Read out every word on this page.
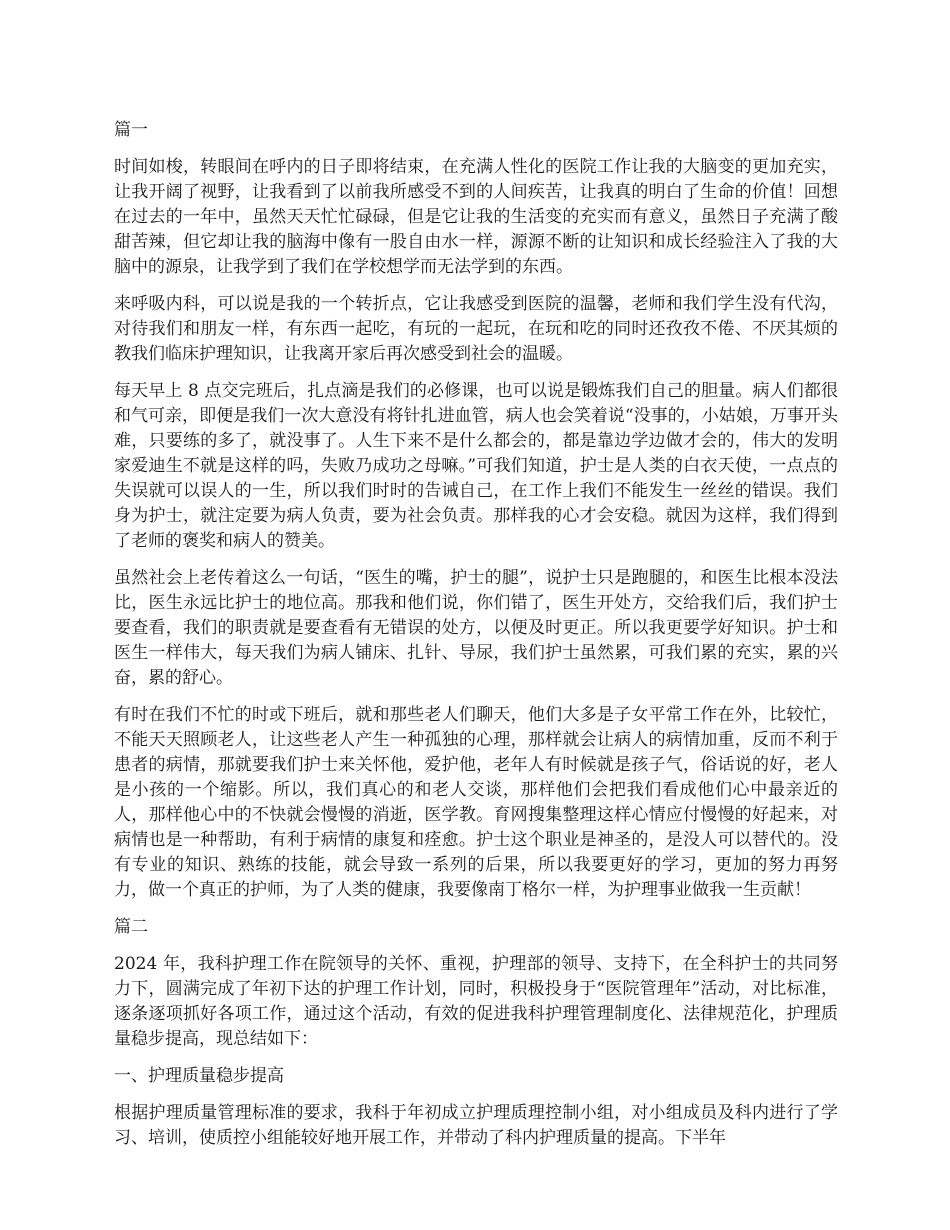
篇一

时间如梭，转眼间在呼内的日子即将结束，在充满人性化的医院工作让我的大脑变的更加充实，让我开阔了视野，让我看到了以前我所感受不到的人间疾苦，让我真的明白了生命的价值！回想在过去的一年中，虽然天天忙忙碌碌，但是它让我的生活变的充实而有意义，虽然日子充满了酸甜苦辣，但它却让我的脑海中像有一股自由水一样，源源不断的让知识和成长经验注入了我的大脑中的源泉，让我学到了我们在学校想学而无法学到的东西。

来呼吸内科，可以说是我的一个转折点，它让我感受到医院的温馨，老师和我们学生没有代沟，对待我们和朋友一样，有东西一起吃，有玩的一起玩，在玩和吃的同时还孜孜不倦、不厌其烦的教我们临床护理知识，让我离开家后再次感受到社会的温暖。

每天早上 8 点交完班后，扎点滴是我们的必修课，也可以说是锻炼我们自己的胆量。病人们都很和气可亲，即便是我们一次大意没有将针扎进血管，病人也会笑着说“没事的，小姑娘，万事开头难，只要练的多了，就没事了。人生下来不是什么都会的，都是靠边学边做才会的，伟大的发明家爱迪生不就是这样的吗，失败乃成功之母嘛。”可我们知道，护士是人类的白衣天使，一点点的失误就可以误人的一生，所以我们时时的告诫自己，在工作上我们不能发生一丝丝的错误。我们身为护士，就注定要为病人负责，要为社会负责。那样我的心才会安稳。就因为这样，我们得到了老师的褒奖和病人的赞美。

虽然社会上老传着这么一句话，“医生的嘴，护士的腿”，说护士只是跑腿的，和医生比根本没法比，医生永远比护士的地位高。那我和他们说，你们错了，医生开处方，交给我们后，我们护士要查看，我们的职责就是要查看有无错误的处方，以便及时更正。所以我更要学好知识。护士和医生一样伟大，每天我们为病人铺床、扎针、导尿，我们护士虽然累，可我们累的充实，累的兴奋，累的舒心。

有时在我们不忙的时或下班后，就和那些老人们聊天，他们大多是子女平常工作在外，比较忙，不能天天照顾老人，让这些老人产生一种孤独的心理，那样就会让病人的病情加重，反而不利于患者的病情，那就要我们护士来关怀他，爱护他，老年人有时候就是孩子气，俗话说的好，老人是小孩的一个缩影。所以，我们真心的和老人交谈，那样他们会把我们看成他们心中最亲近的人，那样他心中的不快就会慢慢的消逝，医学教。育网搜集整理这样心情应付慢慢的好起来，对病情也是一种帮助，有利于病情的康复和痊愈。护士这个职业是神圣的，是没人可以替代的。没有专业的知识、熟练的技能，就会导致一系列的后果，所以我要更好的学习，更加的努力再努力，做一个真正的护师，为了人类的健康，我要像南丁格尔一样，为护理事业做我一生贡献！

篇二

2024 年，我科护理工作在院领导的关怀、重视，护理部的领导、支持下，在全科护士的共同努力下，圆满完成了年初下达的护理工作计划，同时，积极投身于“医院管理年”活动，对比标准，逐条逐项抓好各项工作，通过这个活动，有效的促进我科护理管理制度化、法律规范化，护理质量稳步提高，现总结如下：

一、护理质量稳步提高

根据护理质量管理标准的要求，我科于年初成立护理质理控制小组，对小组成员及科内进行了学习、培训，使质控小组能较好地开展工作，并带动了科内护理质量的提高。下半年
